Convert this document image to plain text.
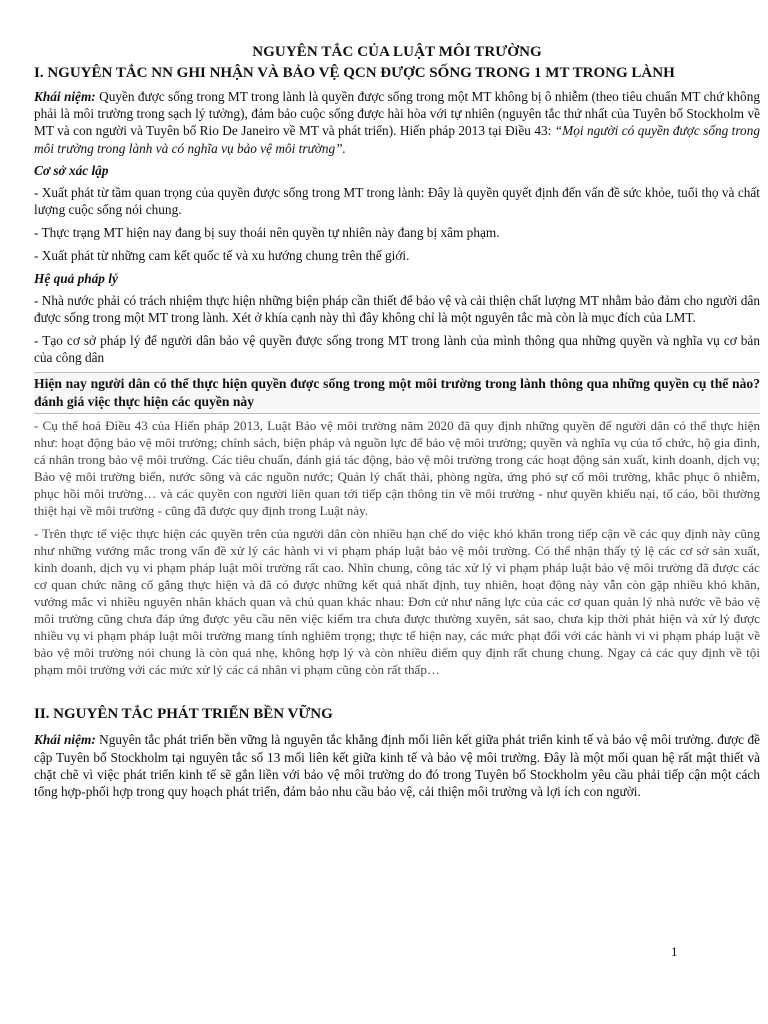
NGUYÊN TẮC CỦA LUẬT MÔI TRƯỜNG
I. NGUYÊN TẮC NN GHI NHẬN VÀ BẢO VỆ QCN ĐƯỢC SỐNG TRONG 1 MT TRONG LÀNH

Khái niệm: Quyền được sống trong MT trong lành là quyền được sống trong một MT không bị ô nhiễm (theo tiêu chuẩn MT chứ không phải là môi trường trong sạch lý tưởng), đảm bảo cuộc sống được hài hòa với tự nhiên (nguyên tắc thứ nhất của Tuyên bố Stockholm về MT và con người và Tuyên bố Rio De Janeiro về MT và phát triển). Hiến pháp 2013 tại Điều 43: “Mọi người có quyền được sống trong môi trường trong lành và có nghĩa vụ bảo vệ môi trường”.

Cơ sở xác lập

- Xuất phát từ tầm quan trọng của quyền được sống trong MT trong lành: Đây là quyền quyết định đến vấn đề sức khỏe, tuổi thọ và chất lượng cuộc sống nói chung.

- Thực trạng MT hiện nay đang bị suy thoái nên quyền tự nhiên này đang bị xâm phạm.

- Xuất phát từ những cam kết quốc tế và xu hướng chung trên thế giới.

Hệ quả pháp lý

- Nhà nước phải có trách nhiệm thực hiện những biện pháp cần thiết để bảo vệ và cải thiện chất lượng MT nhằm bảo đảm cho người dân được sống trong một MT trong lành. Xét ở khía cạnh này thì đây không chỉ là một nguyên tắc mà còn là mục đích của LMT.

- Tạo cơ sở pháp lý để người dân bảo vệ quyền được sống trong MT trong lành của mình thông qua những quyền và nghĩa vụ cơ bản của công dân

Hiện nay người dân có thể thực hiện quyền được sống trong một môi trường trong lành thông qua những quyền cụ thể nào? đánh giá việc thực hiện các quyền này

- Cụ thể hoá Điều 43 của Hiến pháp 2013, Luật Bảo vệ môi trường năm 2020 đã quy định những quyền để người dân có thể thực hiện như: hoạt động bảo vệ môi trường; chính sách, biện pháp và nguồn lực để bảo vệ môi trường; quyền và nghĩa vụ của tổ chức, hộ gia đình, cá nhân trong bảo vệ môi trường. Các tiêu chuẩn, đánh giá tác động, bảo vệ môi trường trong các hoạt động sản xuất, kinh doanh, dịch vụ; Bảo vệ môi trường biển, nước sông và các nguồn nước; Quản lý chất thải, phòng ngừa, ứng phó sự cố môi trường, khắc phục ô nhiễm, phục hồi môi trường… và các quyền con người liên quan tới tiếp cận thông tin về môi trường - như quyền khiếu nại, tố cáo, bồi thường thiệt hại về môi trường - cũng đã được quy định trong Luật này.

- Trên thực tế việc thực hiện các quyền trên của người dân còn nhiều hạn chế do việc khó khăn trong tiếp cận về các quy định này cũng như những vướng mắc trong vấn đề xử lý các hành vi vi phạm pháp luật bảo vệ môi trường. Có thể nhận thấy tỷ lệ các cơ sở sản xuất, kinh doanh, dịch vụ vi phạm pháp luật môi trường rất cao. Nhìn chung, công tác xử lý vi phạm pháp luật bảo vệ môi trường đã được các cơ quan chức năng cố gắng thực hiện và đã có được những kết quả nhất định, tuy nhiên, hoạt động này vẫn còn gặp nhiều khó khăn, vướng mắc vì nhiều nguyên nhân khách quan và chủ quan khác nhau: Đơn cử như năng lực của các cơ quan quản lý nhà nước về bảo vệ môi trường cũng chưa đáp ứng được yêu cầu nên việc kiểm tra chưa được thường xuyên, sát sao, chưa kịp thời phát hiện và xử lý được nhiều vụ vi phạm pháp luật môi trường mang tính nghiêm trọng; thực tế hiện nay, các mức phạt đối với các hành vi vi phạm pháp luật về bảo vệ môi trường nói chung là còn quá nhẹ, không hợp lý và còn nhiều điểm quy định rất chung chung. Ngay cả các quy định về tội phạm môi trường với các mức xử lý các cá nhân vi phạm cũng còn rất thấp…

II. NGUYÊN TẮC PHÁT TRIỂN BỀN VỮNG

Khái niệm: Nguyên tắc phát triển bền vững là nguyên tắc khẳng định mối liên kết giữa phát triển kinh tế và bảo vệ môi trường. được đề cập Tuyên bố Stockholm tại nguyên tắc số 13 mối liên kết giữa kinh tế và bảo vệ môi trường. Đây là một mối quan hệ rất mật thiết và chặt chẽ vì việc phát triển kinh tế sẽ gắn liền với bảo vệ môi trường do đó trong Tuyên bố Stockholm yêu cầu phải tiếp cận một cách tổng hợp-phối hợp trong quy hoạch phát triển, đảm bảo nhu cầu bảo vệ, cải thiện môi trường và lợi ích con người.

1
